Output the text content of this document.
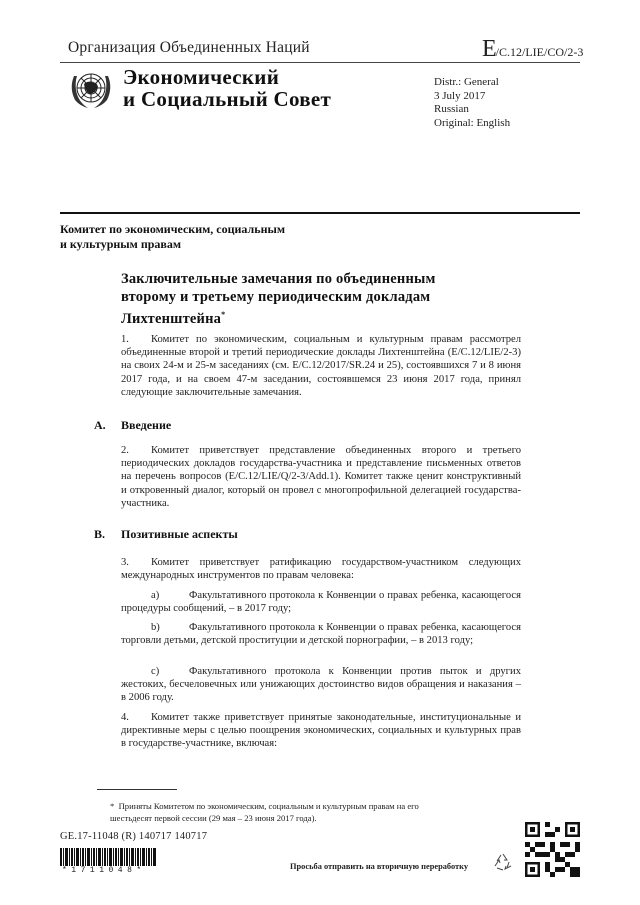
Организация Объединенных Наций	E/C.12/LIE/CO/2-3
Экономический
и Социальный Совет
Distr.: General
3 July 2017
Russian
Original: English
Комитет по экономическим, социальным
и культурным правам
Заключительные замечания по объединенным
второму и третьему периодическим докладам
Лихтенштейна*
1. Комитет по экономическим, социальным и культурным правам рассмотрел объединенные второй и третий периодические доклады Лихтенштейна (E/C.12/LIE/2-3) на своих 24-м и 25-м заседаниях (см. E/C.12/2017/SR.24 и 25), состоявшихся 7 и 8 июня 2017 года, и на своем 47-м заседании, состоявшемся 23 июня 2017 года, принял следующие заключительные замечания.
A. Введение
2. Комитет приветствует представление объединенных второго и третьего периодических докладов государства-участника и представление письменных ответов на перечень вопросов (E/C.12/LIE/Q/2-3/Add.1). Комитет также ценит конструктивный и откровенный диалог, который он провел с многопрофильной делегацией государства-участника.
B. Позитивные аспекты
3. Комитет приветствует ратификацию государством-участником следующих международных инструментов по правам человека:
a)	Факультативного протокола к Конвенции о правах ребенка, касающегося процедуры сообщений, – в 2017 году;
b)	Факультативного протокола к Конвенции о правах ребенка, касающегося торговли детьми, детской проституции и детской порнографии, – в 2013 году;
c)	Факультативного протокола к Конвенции против пыток и других жестоких, бесчеловечных или унижающих достоинство видов обращения и наказания – в 2006 году.
4. Комитет также приветствует принятые законодательные, институциональные и директивные меры с целью поощрения экономических, социальных и культурных прав в государстве-участнике, включая:
* Приняты Комитетом по экономическим, социальным и культурным правам на его шестьдесят первой сессии (29 мая – 23 июня 2017 года).
GE.17-11048 (R) 140717 140717
*1711048*	Просьба отправить на вторичную переработку
